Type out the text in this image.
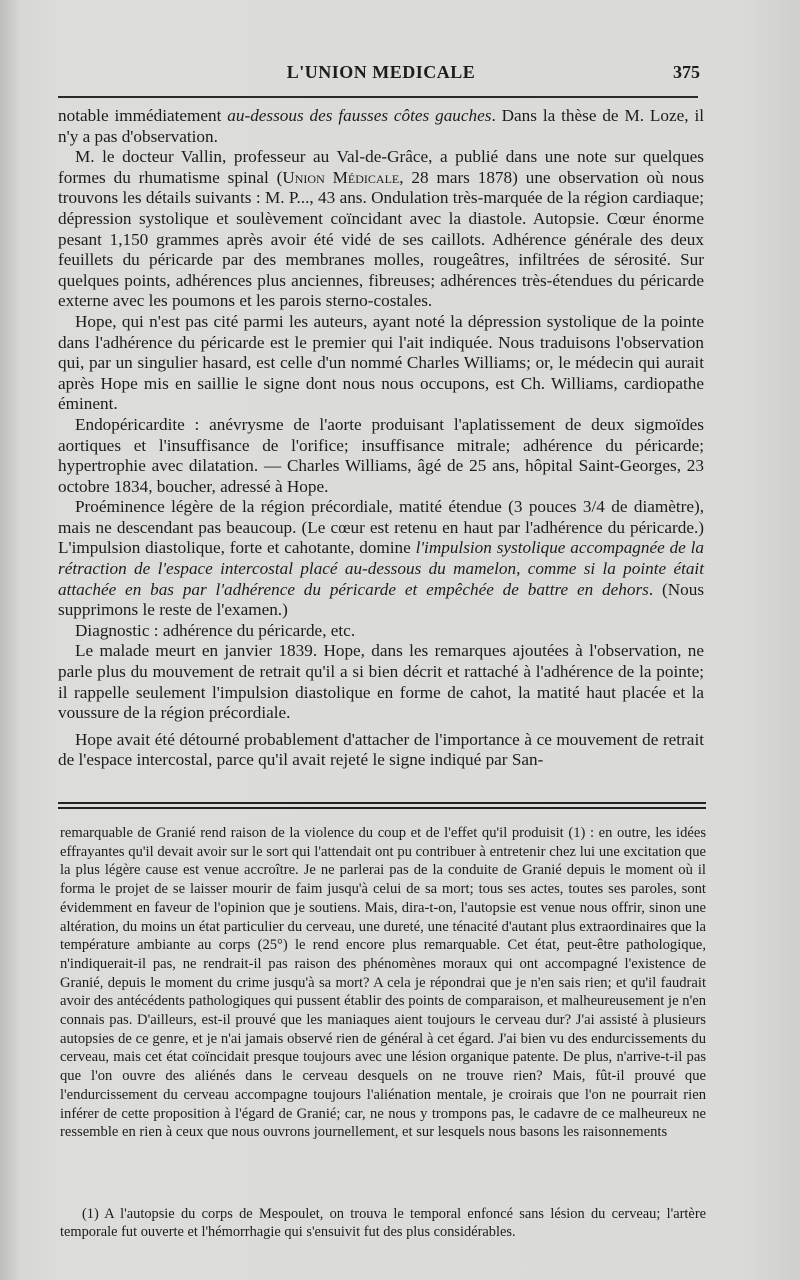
L'UNION MEDICALE	375

notable immédiatement au-dessous des fausses côtes gauches. Dans la thèse de M. Loze, il n'y a pas d'observation.

M. le docteur Vallin, professeur au Val-de-Grâce, a publié dans une note sur quelques formes du rhumatisme spinal (Union Médicale, 28 mars 1878) une observation où nous trouvons les détails suivants : M. P..., 43 ans. Ondulation très-marquée de la région cardiaque; dépression systolique et soulèvement coïncidant avec la diastole. Autopsie. Cœur énorme pesant 1,150 grammes après avoir été vidé de ses caillots. Adhérence générale des deux feuillets du péricarde par des membranes molles, rougeâtres, infiltrées de sérosité. Sur quelques points, adhérences plus anciennes, fibreuses; adhérences très-étendues du péricarde externe avec les poumons et les parois sterno-costales.

Hope, qui n'est pas cité parmi les auteurs, ayant noté la dépression systolique de la pointe dans l'adhérence du péricarde est le premier qui l'ait indiquée. Nous traduisons l'observation qui, par un singulier hasard, est celle d'un nommé Charles Williams; or, le médecin qui aurait après Hope mis en saillie le signe dont nous nous occupons, est Ch. Williams, cardiopathe éminent.

Endopéricardite : anévrysme de l'aorte produisant l'aplatissement de deux sigmoïdes aortiques et l'insuffisance de l'orifice; insuffisance mitrale; adhérence du péricarde; hypertrophie avec dilatation. — Charles Williams, âgé de 25 ans, hôpital Saint-Georges, 23 octobre 1834, boucher, adressé à Hope.

Proéminence légère de la région précordiale, matité étendue (3 pouces 3/4 de diamètre), mais ne descendant pas beaucoup. (Le cœur est retenu en haut par l'adhérence du péricarde.) L'impulsion diastolique, forte et cahotante, domine l'impulsion systolique accompagnée de la rétraction de l'espace intercostal placé au-dessous du mamelon, comme si la pointe était attachée en bas par l'adhérence du péricarde et empêchée de battre en dehors. (Nous supprimons le reste de l'examen.)

Diagnostic : adhérence du péricarde, etc.

Le malade meurt en janvier 1839. Hope, dans les remarques ajoutées à l'observation, ne parle plus du mouvement de retrait qu'il a si bien décrit et rattaché à l'adhérence de la pointe; il rappelle seulement l'impulsion diastolique en forme de cahot, la matité haut placée et la voussure de la région précordiale.

Hope avait été détourné probablement d'attacher de l'importance à ce mouvement de retrait de l'espace intercostal, parce qu'il avait rejeté le signe indiqué par San-

remarquable de Granié rend raison de la violence du coup et de l'effet qu'il produisit (1) : en outre, les idées effrayantes qu'il devait avoir sur le sort qui l'attendait ont pu contribuer à entretenir chez lui une excitation que la plus légère cause est venue accroître. Je ne parlerai pas de la conduite de Granié depuis le moment où il forma le projet de se laisser mourir de faim jusqu'à celui de sa mort; tous ses actes, toutes ses paroles, sont évidemment en faveur de l'opinion que je soutiens. Mais, dira-t-on, l'autopsie est venue nous offrir, sinon une altération, du moins un état particulier du cerveau, une dureté, une ténacité d'autant plus extraordinaires que la température ambiante au corps (25°) le rend encore plus remarquable. Cet état, peut-être pathologique, n'indiquerait-il pas, ne rendrait-il pas raison des phénomènes moraux qui ont accompagné l'existence de Granié, depuis le moment du crime jusqu'à sa mort? A cela je répondrai que je n'en sais rien; et qu'il faudrait avoir des antécédents pathologiques qui pussent établir des points de comparaison, et malheureusement je n'en connais pas. D'ailleurs, est-il prouvé que les maniaques aient toujours le cerveau dur? J'ai assisté à plusieurs autopsies de ce genre, et je n'ai jamais observé rien de général à cet égard. J'ai bien vu des endurcissements du cerveau, mais cet état coïncidait presque toujours avec une lésion organique patente. De plus, n'arrive-t-il pas que l'on ouvre des aliénés dans le cerveau desquels on ne trouve rien? Mais, fût-il prouvé que l'endurcissement du cerveau accompagne toujours l'aliénation mentale, je croirais que l'on ne pourrait rien inférer de cette proposition à l'égard de Granié; car, ne nous y trompons pas, le cadavre de ce malheureux ne ressemble en rien à ceux que nous ouvrons journellement, et sur lesquels nous basons les raisonnements

(1) A l'autopsie du corps de Mespoulet, on trouva le temporal enfoncé sans lésion du cerveau; l'artère temporale fut ouverte et l'hémorrhagie qui s'ensuivit fut des plus considérables.
